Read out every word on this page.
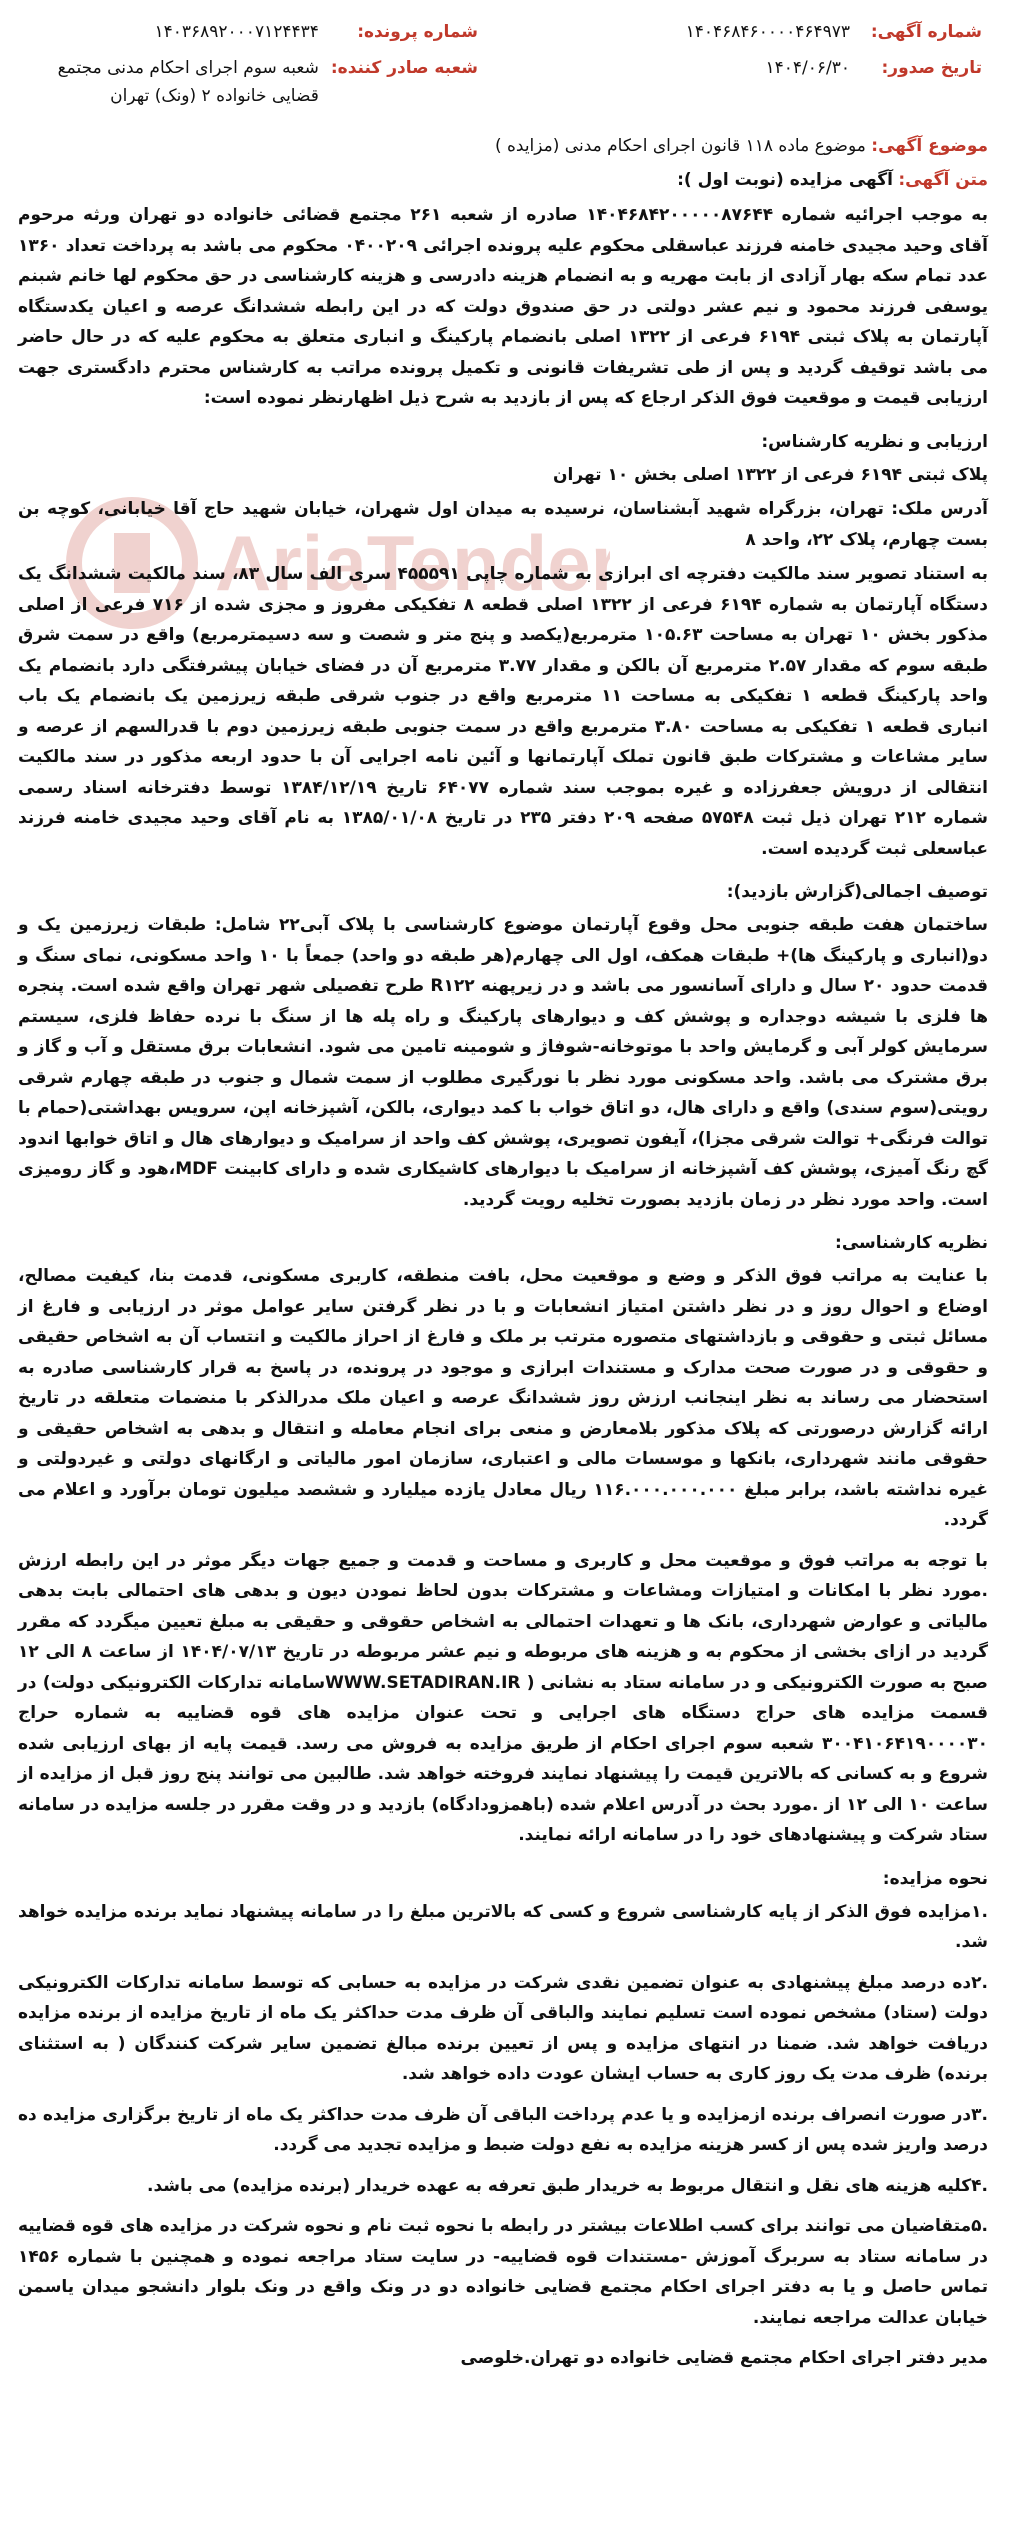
AriaTender
شماره آگهی:	۱۴۰۴۶۸۴۶۰۰۰۰۴۶۴۹۷۳	شماره پرونده:	۱۴۰۳۶۸۹۲۰۰۰۷۱۲۴۴۳۴
تاریخ صدور:	۱۴۰۴/۰۶/۳۰	شعبه صادر کننده:	شعبه سوم اجرای احکام مدنی مجتمع قضایی خانواده ۲ (ونک) تهران
موضوع آگهی: موضوع ماده ۱۱۸ قانون اجرای احکام مدنی (مزایده )
متن آگهی: آگهی مزایده (نوبت اول ):

به موجب اجرائیه شماره ۱۴۰۴۶۸۴۲۰۰۰۰۰۸۷۶۴۴ صادره از شعبه ۲۶۱ مجتمع قضائی خانواده دو تهران ورثه مرحوم آقای وحید مجیدی خامنه فرزند عباسقلی محکوم علیه پرونده اجرائی ۰۴۰۰۲۰۹ محکوم می باشد به پرداخت تعداد ۱۳۶۰ عدد تمام سکه بهار آزادی از بابت مهریه و به انضمام هزینه دادرسی و هزینه کارشناسی در حق محکوم لها خانم شبنم یوسفی فرزند محمود و نیم عشر دولتی در حق صندوق دولت که در این رابطه ششدانگ عرصه و اعیان یکدستگاه آپارتمان به پلاک ثبتی ۶۱۹۴ فرعی از ۱۳۲۲ اصلی بانضمام پارکینگ و انباری متعلق به محکوم علیه که در حال حاضر می باشد توقیف گردید و پس از طی تشریفات قانونی و تکمیل پرونده مراتب به کارشناس محترم دادگستری جهت ارزیابی قیمت و موقعیت فوق الذکر ارجاع که پس از بازدید به شرح ذیل اظهارنظر نموده است:

ارزیابی و نظریه کارشناس:

پلاک ثبتی ۶۱۹۴ فرعی از ۱۳۲۲ اصلی بخش ۱۰ تهران

آدرس ملک: تهران، بزرگراه شهید آبشناسان، نرسیده به میدان اول شهران، خیابان شهید حاج آقا خیابانی، کوچه بن بست چهارم، پلاک ۲۲، واحد ۸

به استناد تصویر سند مالکیت دفترچه ای ابرازی به شماره چاپی ۴۵۵۵۹۱ سری الف سال ۸۳، سند مالکیت ششدانگ یک دستگاه آپارتمان به شماره ۶۱۹۴ فرعی از ۱۳۲۲ اصلی قطعه ۸ تفکیکی مفروز و مجزی شده از ۷۱۶ فرعی از اصلی مذکور بخش ۱۰ تهران به مساحت ۱۰۵.۶۳ مترمربع(یکصد و پنج متر و شصت و سه دسیمترمربع) واقع در سمت شرق طبقه سوم که مقدار ۲.۵۷ مترمربع آن بالکن و مقدار ۳.۷۷ مترمربع آن در فضای خیابان پیشرفتگی دارد بانضمام یک واحد پارکینگ قطعه ۱ تفکیکی به مساحت ۱۱ مترمربع واقع در جنوب شرقی طبقه زیرزمین یک بانضمام یک باب انباری قطعه ۱ تفکیکی به مساحت ۳.۸۰ مترمربع واقع در سمت جنوبی طبقه زیرزمین دوم با قدرالسهم از عرصه و سایر مشاعات و مشترکات طبق قانون تملک آپارتمانها و آئین نامه اجرایی آن با حدود اربعه مذکور در سند مالکیت انتقالی از درویش جعفرزاده و غیره بموجب سند شماره ۶۴۰۷۷ تاریخ ۱۳۸۴/۱۲/۱۹ توسط دفترخانه اسناد رسمی شماره ۲۱۲ تهران ذیل ثبت ۵۷۵۴۸ صفحه ۲۰۹ دفتر ۲۳۵ در تاریخ ۱۳۸۵/۰۱/۰۸ به نام آقای وحید مجیدی خامنه فرزند عباسعلی ثبت گردیده است.

توصیف اجمالی(گزارش بازدید):

ساختمان هفت طبقه جنوبی محل وقوع آپارتمان موضوع کارشناسی با پلاک آبی۲۲ شامل: طبقات زیرزمین یک و دو(انباری و پارکینگ ها)+ طبقات همکف، اول الی چهارم(هر طبقه دو واحد) جمعاً با ۱۰ واحد مسکونی، نمای سنگ و قدمت حدود ۲۰ سال و دارای آسانسور می باشد و در زیرپهنه R۱۲۲ طرح تفصیلی شهر تهران واقع شده است. پنجره ها فلزی با شیشه دوجداره و پوشش کف و دیوارهای پارکینگ و راه پله ها از سنگ با نرده حفاظ فلزی، سیستم سرمایش کولر آبی و گرمایش واحد با موتوخانه-شوفاژ و شومینه تامین می شود. انشعابات برق مستقل و آب و گاز و برق مشترک می باشد. واحد مسکونی مورد نظر با نورگیری مطلوب از سمت شمال و جنوب در طبقه چهارم شرقی رویتی(سوم سندی) واقع و دارای هال، دو اتاق خواب با کمد دیواری، بالکن، آشپزخانه اپن، سرویس بهداشتی(حمام با توالت فرنگی+ توالت شرقی مجزا)، آیفون تصویری، پوشش کف واحد از سرامیک و دیوارهای هال و اتاق خوابها اندود گچ رنگ آمیزی، پوشش کف آشپزخانه از سرامیک با دیوارهای کاشیکاری شده و دارای کابینت MDF،هود و گاز رومیزی است. واحد مورد نظر در زمان بازدید بصورت تخلیه رویت گردید.

نظریه کارشناسی:

با عنایت به مراتب فوق الذکر و وضع و موقعیت محل، بافت منطقه، کاربری مسکونی، قدمت بنا، کیفیت مصالح، اوضاع و احوال روز و در نظر داشتن امتیاز انشعابات و با در نظر گرفتن سایر عوامل موثر در ارزیابی و فارغ از مسائل ثبتی و حقوقی و بازداشتهای متصوره مترتب بر ملک و فارغ از احراز مالکیت و انتساب آن به اشخاص حقیقی و حقوقی و در صورت صحت مدارک و مستندات ابرازی و موجود در پرونده، در پاسخ به قرار کارشناسی صادره به استحضار می رساند به نظر اینجانب ارزش روز ششدانگ عرصه و اعیان ملک مدرالذکر با منضمات متعلقه در تاریخ ارائه گزارش درصورتی که پلاک مذکور بلامعارض و منعی برای انجام معامله و انتقال و بدهی به اشخاص حقیقی و حقوقی مانند شهرداری، بانکها و موسسات مالی و اعتباری، سازمان امور مالیاتی و ارگانهای دولتی و غیردولتی و غیره نداشته باشد، برابر مبلغ ۱۱۶.۰۰۰.۰۰۰.۰۰۰ ریال معادل یازده میلیارد و ششصد میلیون تومان برآورد و اعلام می گردد.

با توجه به مراتب فوق و موقعیت محل و کاربری و مساحت و قدمت و جمیع جهات دیگر موثر در این رابطه ارزش .مورد نظر با امکانات و امتیازات ومشاعات و مشترکات بدون لحاظ نمودن دیون و بدهی های احتمالی بابت بدهی مالیاتی و عوارض شهرداری، بانک ها و تعهدات احتمالی به اشخاص حقوقی و حقیقی به مبلغ تعیین میگردد که مقرر گردید در ازای بخشی از محکوم به و هزینه های مربوطه و نیم عشر مربوطه در تاریخ ۱۴۰۴/۰۷/۱۳ از ساعت ۸ الی ۱۲ صبح به صورت الکترونیکی و در سامانه ستاد به نشانی ( WWW.SETADIRAN.IRسامانه تدارکات الکترونیکی دولت) در قسمت مزایده های حراج دستگاه های اجرایی و تحت عنوان مزایده های قوه قضاییه به شماره حراج ۳۰۰۴۱۰۶۴۱۹۰۰۰۰۳۰ شعبه سوم اجرای احکام از طریق مزایده به فروش می رسد. قیمت پایه از بهای ارزیابی شده شروع و به کسانی که بالاترین قیمت را پیشنهاد نمایند فروخته خواهد شد. طالبین می توانند پنج روز قبل از مزایده از ساعت ۱۰ الی ۱۲ از .مورد بحث در آدرس اعلام شده (باهمزودادگاه) بازدید و در وقت مقرر در جلسه مزایده در سامانه ستاد شرکت و پیشنهادهای خود را در سامانه ارائه نمایند.

نحوه مزایده:

.۱مزایده فوق الذکر از پایه کارشناسی شروع و کسی که بالاترین مبلغ را در سامانه پیشنهاد نماید برنده مزایده خواهد شد.

.۲ده درصد مبلغ پیشنهادی به عنوان تضمین نقدی شرکت در مزایده به حسابی که توسط سامانه تدارکات الکترونیکی دولت (ستاد) مشخص نموده است تسلیم نمایند والباقی آن ظرف مدت حداکثر یک ماه از تاریخ مزایده از برنده مزایده دریافت خواهد شد. ضمنا در انتهای مزایده و پس از تعیین برنده مبالغ تضمین سایر شرکت کنندگان ( به استثنای برنده) ظرف مدت یک روز کاری به حساب ایشان عودت داده خواهد شد.

.۳در صورت انصراف برنده ازمزایده و یا عدم پرداخت الباقی آن ظرف مدت حداکثر یک ماه از تاریخ برگزاری مزایده ده درصد واریز شده پس از کسر هزینه مزایده به نفع دولت ضبط و مزایده تجدید می گردد.

.۴کلیه هزینه های نقل و انتقال مربوط به خریدار طبق تعرفه به عهده خریدار (برنده مزایده) می باشد.

.۵متقاضیان می توانند برای کسب اطلاعات بیشتر در رابطه با نحوه ثبت نام و نحوه شرکت در مزایده های قوه قضاییه در سامانه ستاد به سربرگ آموزش -مستندات قوه قضاییه- در سایت ستاد مراجعه نموده و همچنین با شماره ۱۴۵۶ تماس حاصل و یا به دفتر اجرای احکام مجتمع قضایی خانواده دو در ونک واقع در ونک بلوار دانشجو میدان یاسمن خیابان عدالت مراجعه نمایند.

مدیر دفتر اجرای احکام مجتمع قضایی خانواده دو تهران.خلوصی
